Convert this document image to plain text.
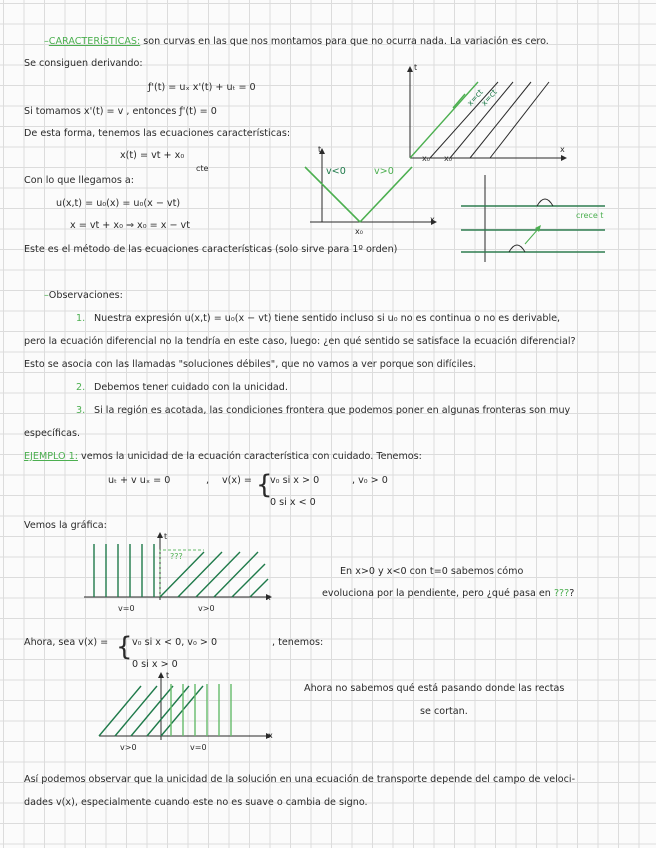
–CARACTERÍSTICAS: son curvas en las que nos montamos para que no ocurra nada. La variación es cero.
Se consiguen derivando:
ƒ'(t) = uₓ x'(t) + uₜ = 0
Si tomamos x'(t) = v , entonces ƒ'(t) = 0
De esta forma, tenemos las ecuaciones características:
x(t) = vt + x₀
cte
Con lo que llegamos a:
u(x,t) = u₀(x) = u₀(x − vt)
x = vt + x₀ ⇒ x₀ = x − vt
Este es el método de las ecuaciones características (solo sirve para 1º orden)
t
x
x=ct
x=ct
x₀ x₀
t
x
v<0	v>0
x₀
crece t
–Observaciones:
1. Nuestra expresión u(x,t) = u₀(x − vt) tiene sentido incluso si u₀ no es continua o no es derivable,
pero la ecuación diferencial no la tendría en este caso, luego: ¿en qué sentido se satisface la ecuación diferencial?
Esto se asocia con las llamadas "soluciones débiles", que no vamos a ver porque son difíciles.
2. Debemos tener cuidado con la unicidad.
3. Si la región es acotada, las condiciones frontera que podemos poner en algunas fronteras son muy
específicas.
EJEMPLO 1: vemos la unicidad de la ecuación característica con cuidado. Tenemos:
uₜ + v uₓ = 0	, v(x) = {
v₀ si x > 0
0 si x < 0
, v₀ > 0
Vemos la gráfica:
t
x
???
v=0	v>0
En x>0 y x<0 con t=0 sabemos cómo
evoluciona por la pendiente, pero ¿qué pasa en ????
Ahora, sea v(x) = { v₀ si x < 0, v₀ > 0	, tenemos:
0 si x > 0
t
x
v>0	v=0
Ahora no sabemos qué está pasando donde las rectas
se cortan.
Así podemos observar que la unicidad de la solución en una ecuación de transporte depende del campo de veloci-
dades v(x), especialmente cuando este no es suave o cambia de signo.
